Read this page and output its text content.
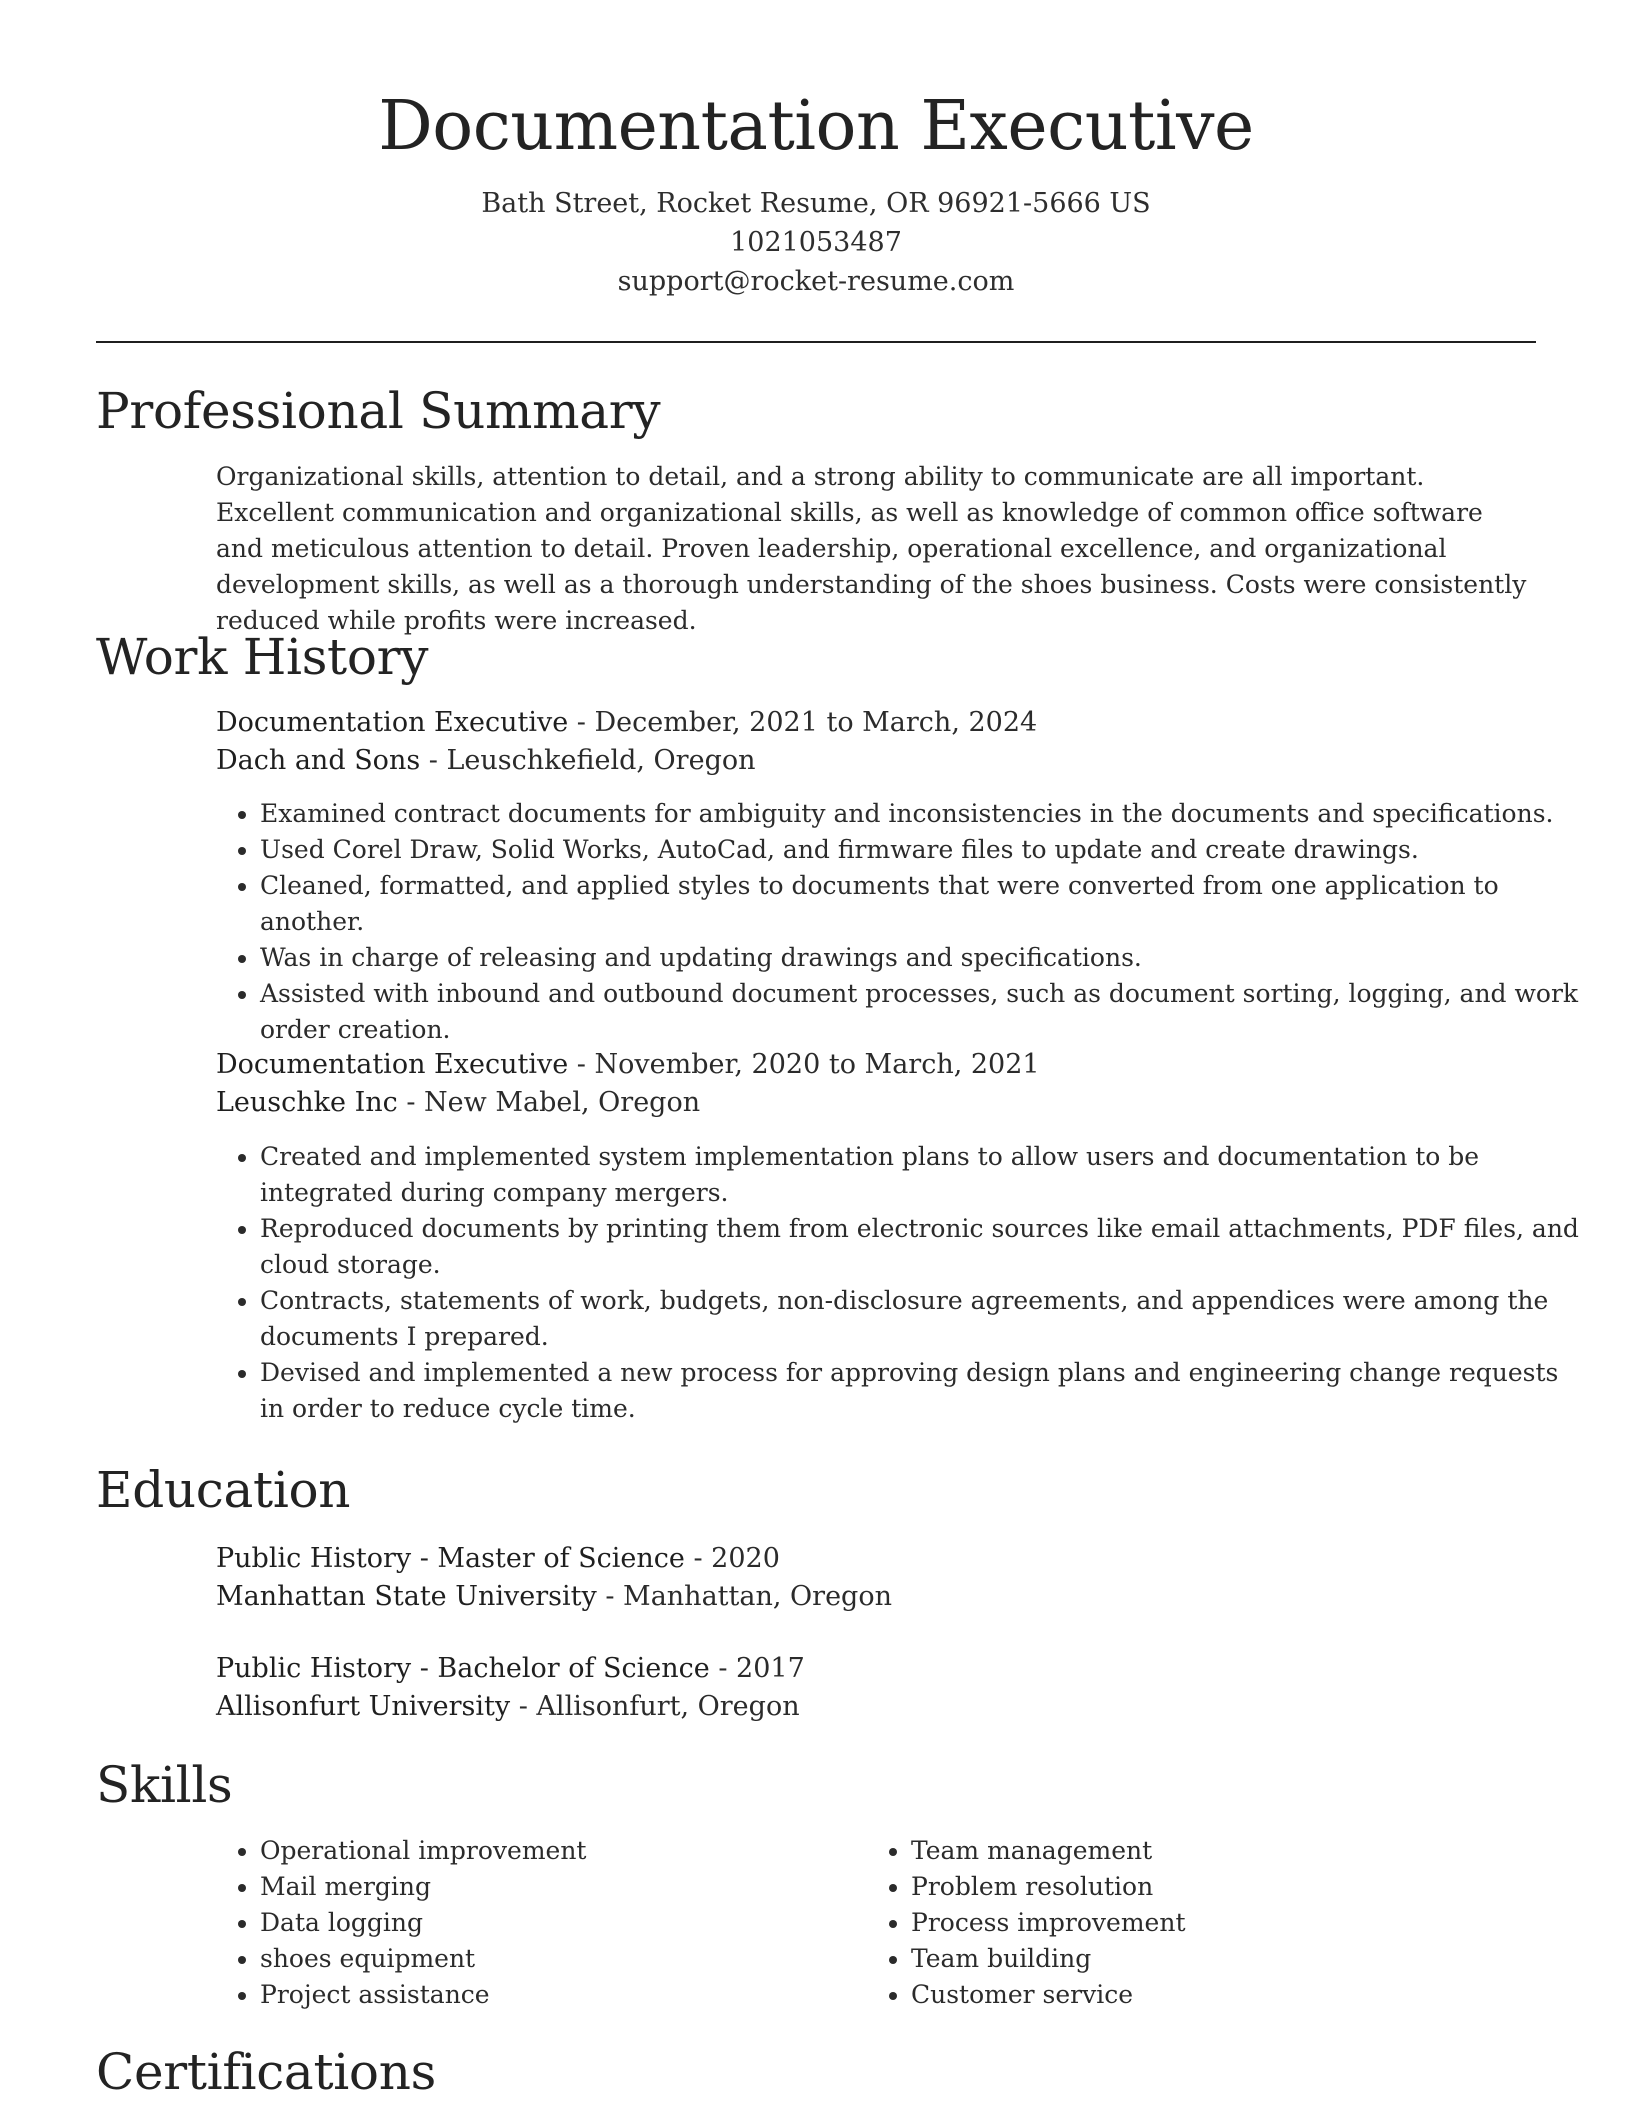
Documentation Executive
Bath Street, Rocket Resume, OR 96921-5666 US
1021053487
support@rocket-resume.com
Professional Summary

Organizational skills, attention to detail, and a strong ability to communicate are all important. Excellent communication and organizational skills, as well as knowledge of common office software and meticulous attention to detail. Proven leadership, operational excellence, and organizational development skills, as well as a thorough understanding of the shoes business. Costs were consistently reduced while profits were increased.

Work History
Documentation Executive - December, 2021 to March, 2024
Dach and Sons - Leuschkefield, Oregon
• Examined contract documents for ambiguity and inconsistencies in the documents and specifications.
• Used Corel Draw, Solid Works, AutoCad, and firmware files to update and create drawings.
• Cleaned, formatted, and applied styles to documents that were converted from one application to another.
• Was in charge of releasing and updating drawings and specifications.
• Assisted with inbound and outbound document processes, such as document sorting, logging, and work order creation.
Documentation Executive - November, 2020 to March, 2021
Leuschke Inc - New Mabel, Oregon
• Created and implemented system implementation plans to allow users and documentation to be integrated during company mergers.
• Reproduced documents by printing them from electronic sources like email attachments, PDF files, and cloud storage.
• Contracts, statements of work, budgets, non-disclosure agreements, and appendices were among the documents I prepared.
• Devised and implemented a new process for approving design plans and engineering change requests in order to reduce cycle time.
Education
Public History - Master of Science - 2020
Manhattan State University - Manhattan, Oregon
Public History - Bachelor of Science - 2017
Allisonfurt University - Allisonfurt, Oregon
Skills
• Operational improvement
• Mail merging
• Data logging
• shoes equipment
• Project assistance
• Team management
• Problem resolution
• Process improvement
• Team building
• Customer service
Certifications
